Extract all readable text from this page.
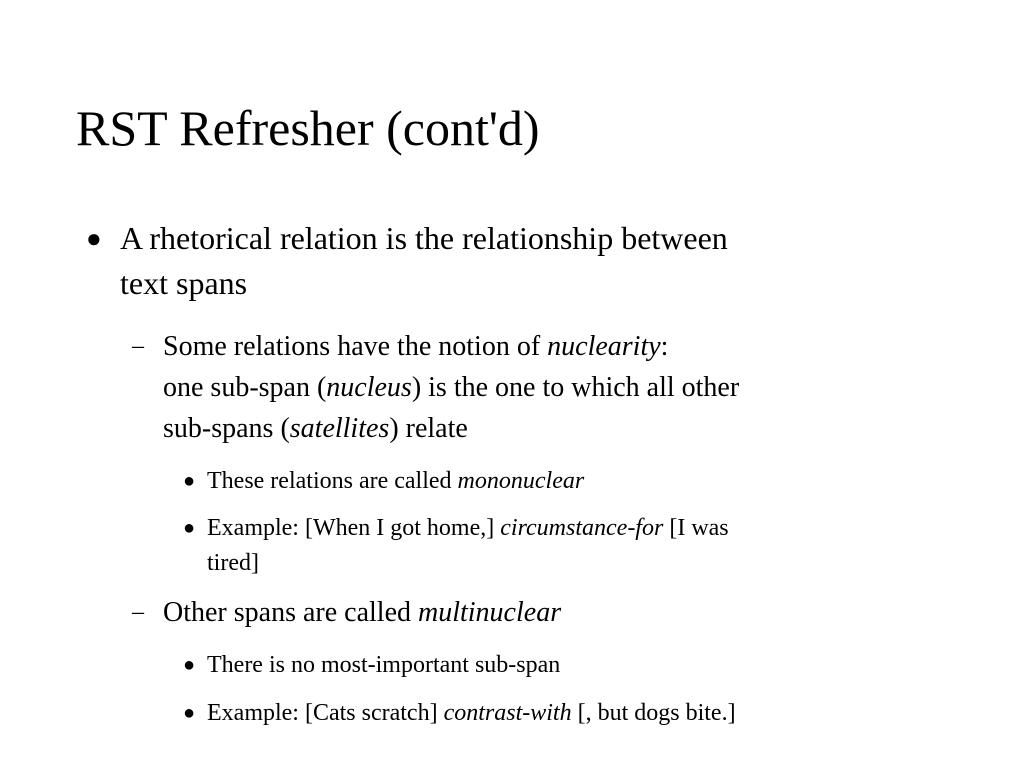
RST Refresher (cont'd)
● A rhetorical relation is the relationship between
text spans
– Some relations have the notion of nuclearity:
one sub-span (nucleus) is the one to which all other
sub-spans (satellites) relate
● These relations are called mononuclear
● Example: [When I got home,] circumstance-for [I was
tired]
– Other spans are called multinuclear
● There is no most-important sub-span
● Example: [Cats scratch] contrast-with [, but dogs bite.]
